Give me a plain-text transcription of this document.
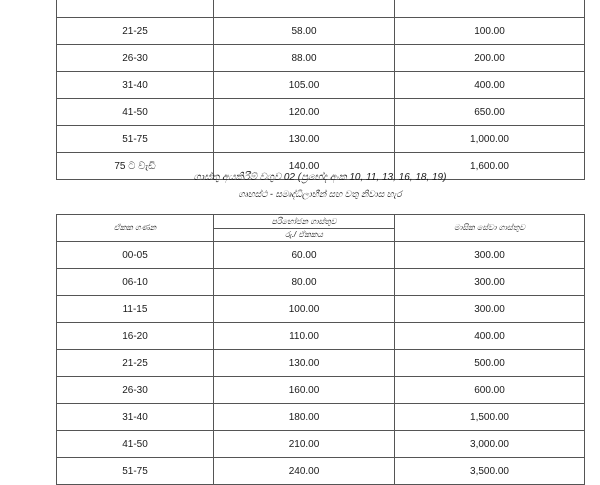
21-25	58.00	100.00
26-30	88.00	200.00
31-40	105.00	400.00
41-50	120.00	650.00
51-75	130.00	1,000.00
75 ට වැඩි	140.00	1,600.00
ගාස්තු අයකිරීම් වගුව 02 (ප්‍රභේද අංක 10, 11, 13, 16, 18, 19)
ගෘහස්ථ - සමෘද්ධිලාභීන් සහ වතු නිවාස හැර
ඒකක ගණන	පරිභෝජන ගාස්තුව	මාසික සේවා ගාස්තුව
	රු./ ඒකකය	
00-05	60.00	300.00
06-10	80.00	300.00
11-15	100.00	300.00
16-20	110.00	400.00
21-25	130.00	500.00
26-30	160.00	600.00
31-40	180.00	1,500.00
41-50	210.00	3,000.00
51-75	240.00	3,500.00
